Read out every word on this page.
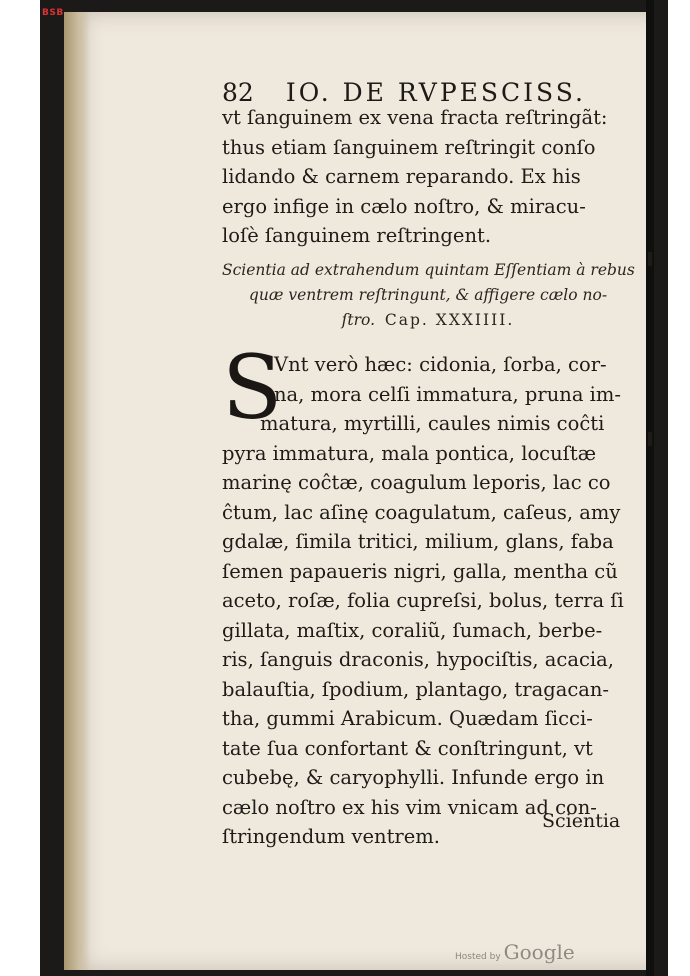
BSB
82 IO. DE RVPESCISS.
vt ſanguinem ex vena fracta reſtringãt:
thus etiam ſanguinem reſtringit conſo
lidando & carnem reparando. Ex his
ergo infige in cælo noſtro, & miracu-
loſè ſanguinem reſtringent.
Scientia ad extrahendum quintam Eſſentiam à rebus
quæ ventrem reſtringunt, & affigere cælo no-
ſtro. Cap. XXXIIII.
S
Vnt verò hæc: cidonia, ſorba, cor-
na, mora celſi immatura, pruna im-
matura, myrtilli, caules nimis coĉti
pyra immatura, mala pontica, locuſtæ
marinę coĉtæ, coagulum leporis, lac co
ĉtum, lac aſinę coagulatum, caſeus, amy
gdalæ, ſimila tritici, milium, glans, faba
ſemen papaueris nigri, galla, mentha cũ
aceto, roſæ, folia cupreſsi, bolus, terra ſi
gillata, maſtix, coraliũ, ſumach, berbe-
ris, ſanguis draconis, hypociſtis, acacia,
balauſtia, ſpodium, plantago, tragacan-
tha, gummi Arabicum. Quædam ſicci-
tate ſua confortant & conſtringunt, vt
cubebę, & caryophylli. Infunde ergo in
cælo noſtro ex his vim vnicam ad con-
ſtringendum ventrem.
Scientia
Hosted by Google
